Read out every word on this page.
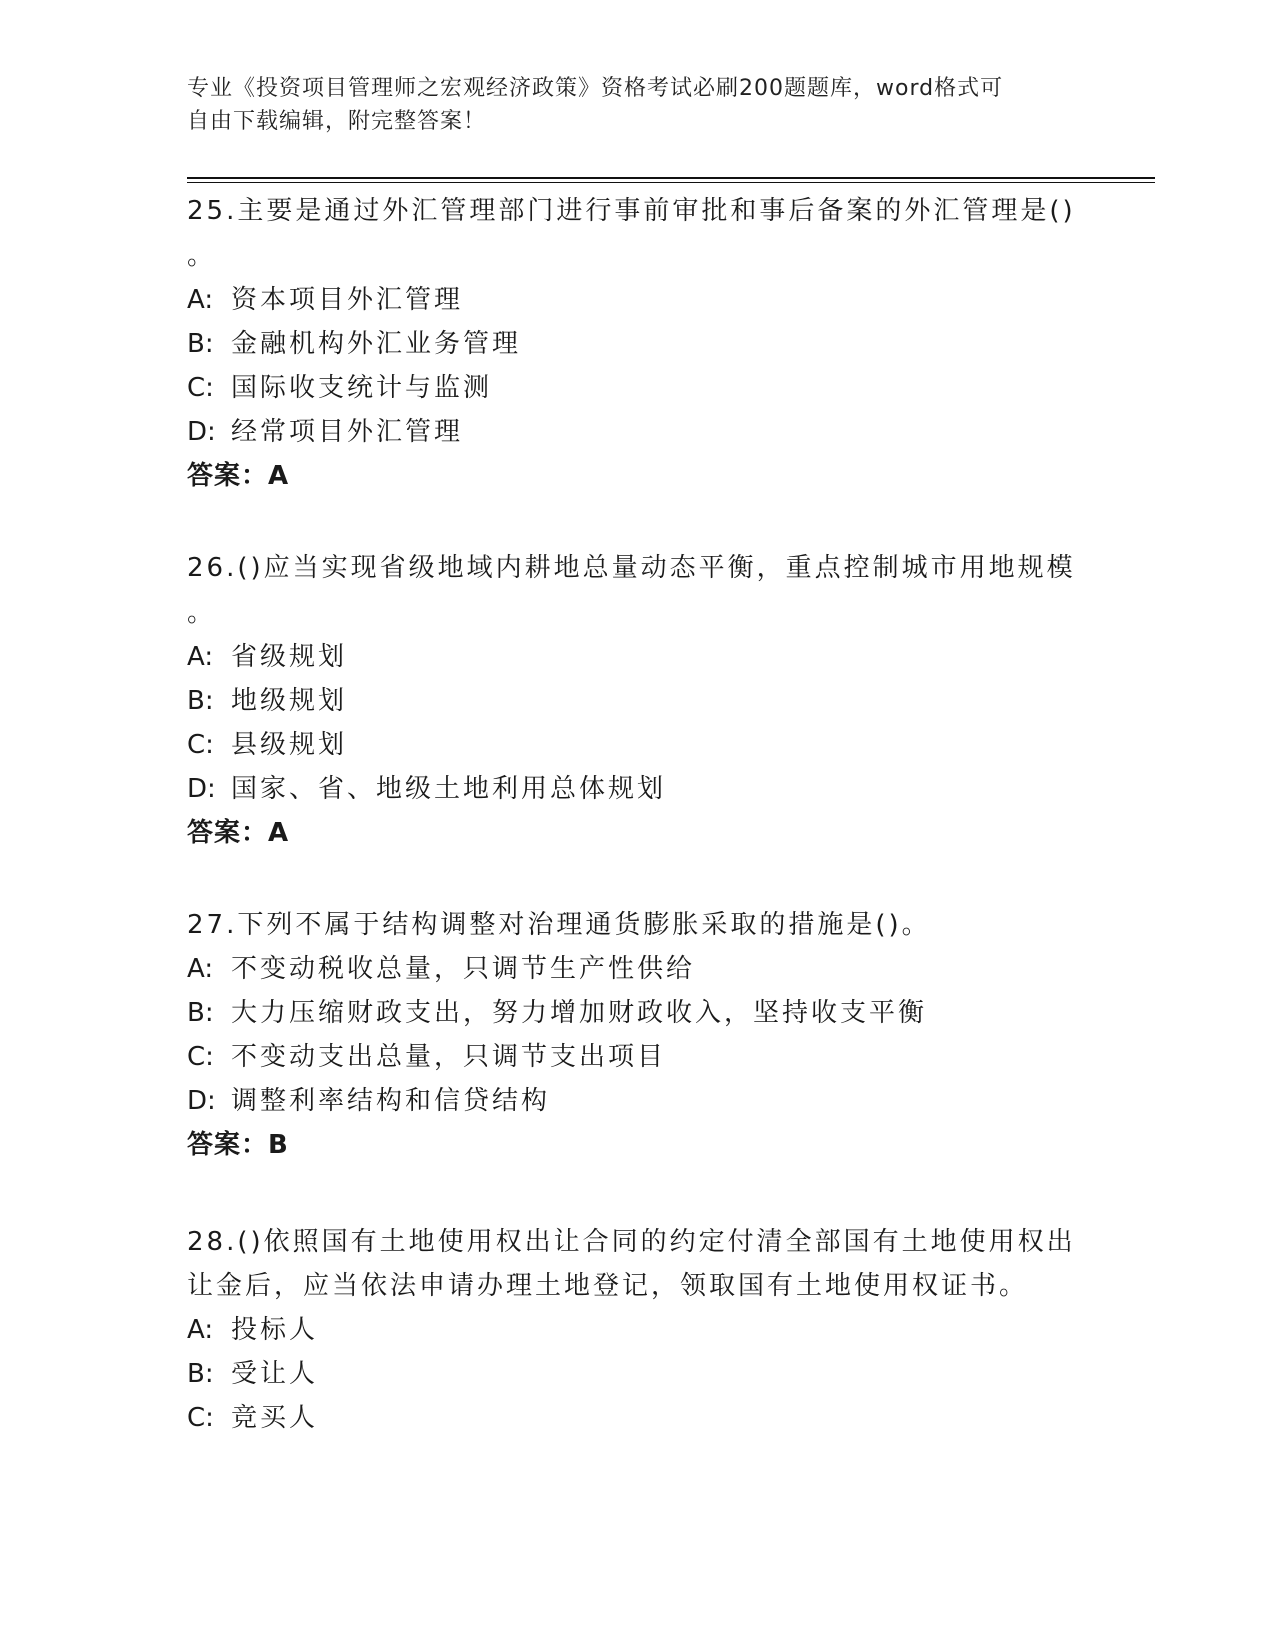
专业《投资项目管理师之宏观经济政策》资格考试必刷200题题库，word格式可
自由下载编辑，附完整答案！
25.主要是通过外汇管理部门进行事前审批和事后备案的外汇管理是()
。
A: 资本项目外汇管理
B: 金融机构外汇业务管理
C: 国际收支统计与监测
D: 经常项目外汇管理
答案：A
26.()应当实现省级地域内耕地总量动态平衡，重点控制城市用地规模
。
A: 省级规划
B: 地级规划
C: 县级规划
D: 国家、省、地级土地利用总体规划
答案：A
27.下列不属于结构调整对治理通货膨胀采取的措施是()。
A: 不变动税收总量，只调节生产性供给
B: 大力压缩财政支出，努力增加财政收入，坚持收支平衡
C: 不变动支出总量，只调节支出项目
D: 调整利率结构和信贷结构
答案：B
28.()依照国有土地使用权出让合同的约定付清全部国有土地使用权出
让金后，应当依法申请办理土地登记，领取国有土地使用权证书。
A: 投标人
B: 受让人
C: 竞买人
